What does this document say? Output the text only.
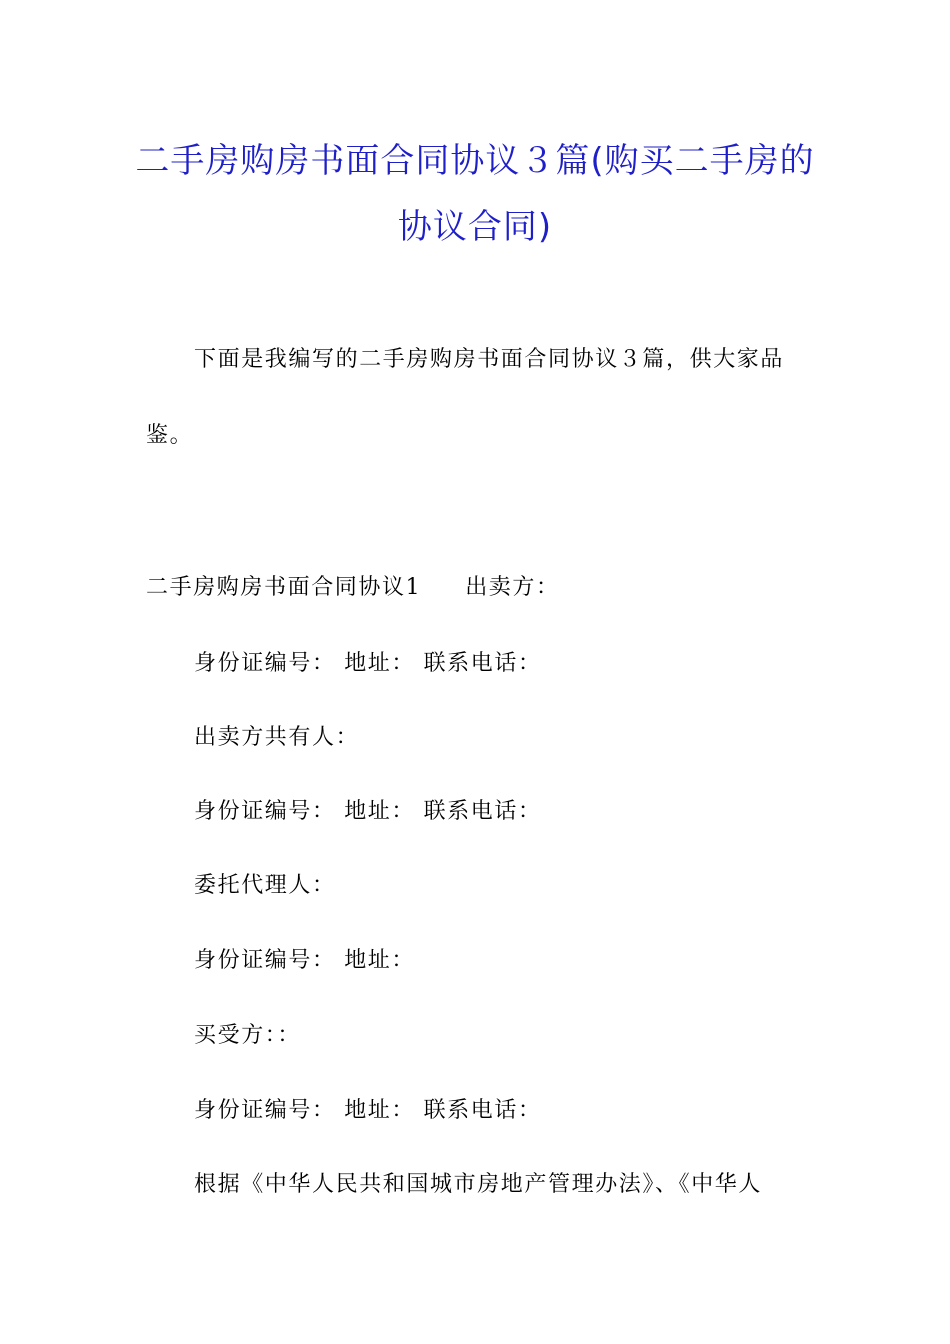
二手房购房书面合同协议３篇(购买二手房的协议合同)

下面是我编写的二手房购房书面合同协议３篇，供大家品鉴。

二手房购房书面合同协议1 出卖方：
身份证编号： 地址： 联系电话：
出卖方共有人：
身份证编号： 地址： 联系电话：
委托代理人：
身份证编号： 地址：
买受方：：
身份证编号： 地址： 联系电话：
根据《中华人民共和国城市房地产管理办法》、《中华人
